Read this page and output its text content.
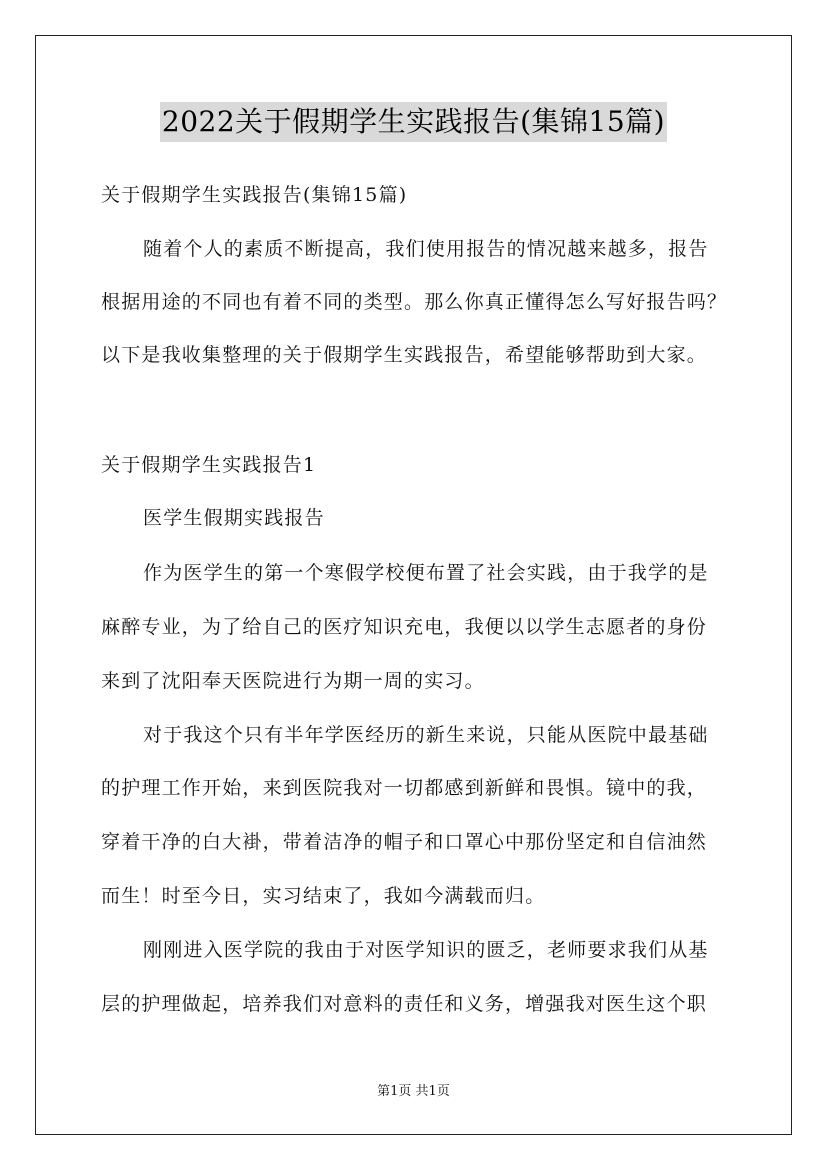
2022关于假期学生实践报告(集锦15篇)
关于假期学生实践报告(集锦15篇)
随着个人的素质不断提高，我们使用报告的情况越来越多，报告
根据用途的不同也有着不同的类型。那么你真正懂得怎么写好报告吗？
以下是我收集整理的关于假期学生实践报告，希望能够帮助到大家。
关于假期学生实践报告1
医学生假期实践报告
作为医学生的第一个寒假学校便布置了社会实践，由于我学的是
麻醉专业，为了给自己的医疗知识充电，我便以以学生志愿者的身份
来到了沈阳奉天医院进行为期一周的实习。
对于我这个只有半年学医经历的新生来说，只能从医院中最基础
的护理工作开始，来到医院我对一切都感到新鲜和畏惧。镜中的我，
穿着干净的白大褂，带着洁净的帽子和口罩心中那份坚定和自信油然
而生！时至今日，实习结束了，我如今满载而归。
刚刚进入医学院的我由于对医学知识的匮乏，老师要求我们从基
层的护理做起，培养我们对意料的责任和义务，增强我对医生这个职
第1页 共1页
